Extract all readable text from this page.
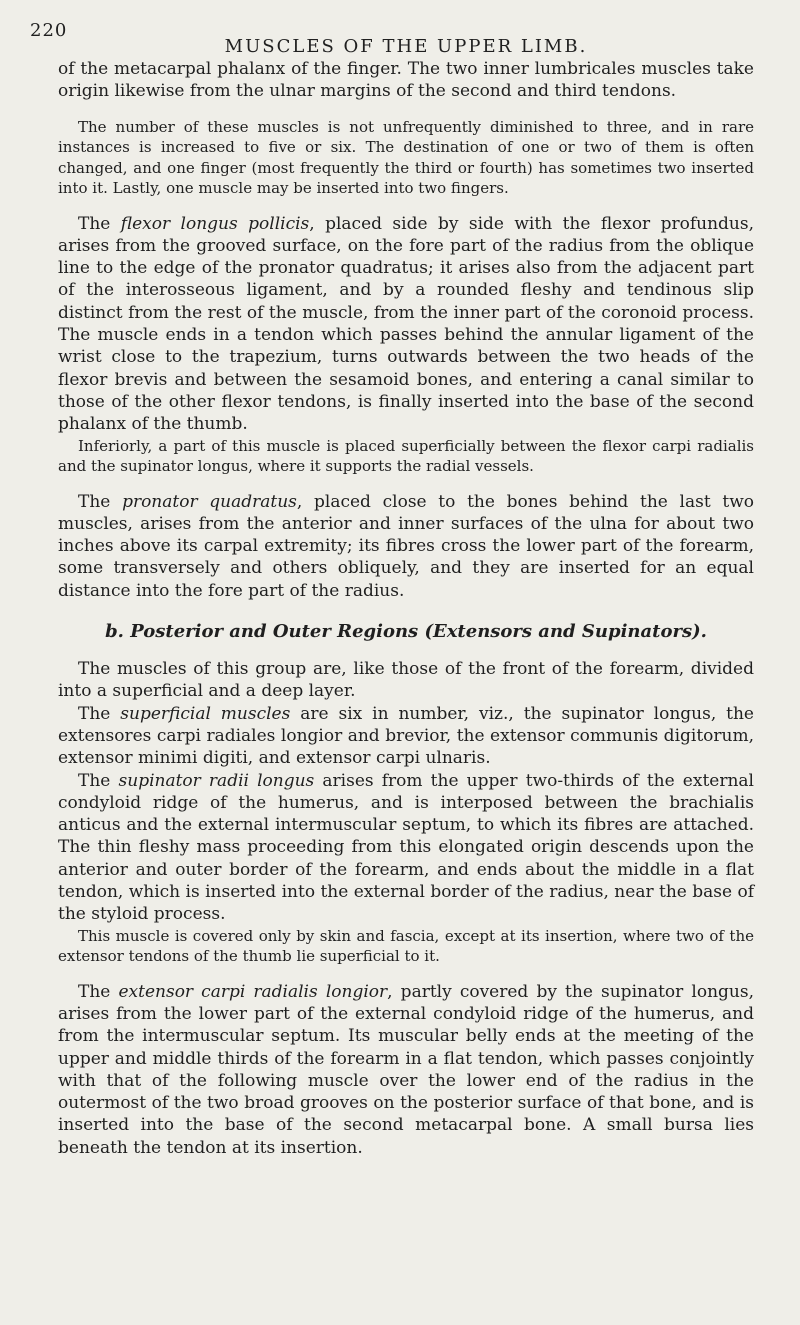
220
MUSCLES OF THE UPPER LIMB.

of the metacarpal phalanx of the finger. The two inner lumbricales muscles take origin likewise from the ulnar margins of the second and third tendons.

The number of these muscles is not unfrequently diminished to three, and in rare instances is increased to five or six. The destination of one or two of them is often changed, and one finger (most frequently the third or fourth) has sometimes two inserted into it. Lastly, one muscle may be inserted into two fingers.

The flexor longus pollicis, placed side by side with the flexor profundus, arises from the grooved surface, on the fore part of the radius from the oblique line to the edge of the pronator quadratus; it arises also from the adjacent part of the interosseous ligament, and by a rounded fleshy and tendinous slip distinct from the rest of the muscle, from the inner part of the coronoid process. The muscle ends in a tendon which passes behind the annular ligament of the wrist close to the trapezium, turns outwards between the two heads of the flexor brevis and between the sesamoid bones, and entering a canal similar to those of the other flexor tendons, is finally inserted into the base of the second phalanx of the thumb.

Inferiorly, a part of this muscle is placed superficially between the flexor carpi radialis and the supinator longus, where it supports the radial vessels.

The pronator quadratus, placed close to the bones behind the last two muscles, arises from the anterior and inner surfaces of the ulna for about two inches above its carpal extremity; its fibres cross the lower part of the forearm, some transversely and others obliquely, and they are inserted for an equal distance into the fore part of the radius.

b. Posterior and Outer Regions (Extensors and Supinators).

The muscles of this group are, like those of the front of the forearm, divided into a superficial and a deep layer.

The superficial muscles are six in number, viz., the supinator longus, the extensores carpi radiales longior and brevior, the extensor communis digitorum, extensor minimi digiti, and extensor carpi ulnaris.

The supinator radii longus arises from the upper two-thirds of the external condyloid ridge of the humerus, and is interposed between the brachialis anticus and the external intermuscular septum, to which its fibres are attached. The thin fleshy mass proceeding from this elongated origin descends upon the anterior and outer border of the forearm, and ends about the middle in a flat tendon, which is inserted into the external border of the radius, near the base of the styloid process.

This muscle is covered only by skin and fascia, except at its insertion, where two of the extensor tendons of the thumb lie superficial to it.

The extensor carpi radialis longior, partly covered by the supinator longus, arises from the lower part of the external condyloid ridge of the humerus, and from the intermuscular septum. Its muscular belly ends at the meeting of the upper and middle thirds of the forearm in a flat tendon, which passes conjointly with that of the following muscle over the lower end of the radius in the outermost of the two broad grooves on the posterior surface of that bone, and is inserted into the base of the second metacarpal bone. A small bursa lies beneath the tendon at its insertion.
